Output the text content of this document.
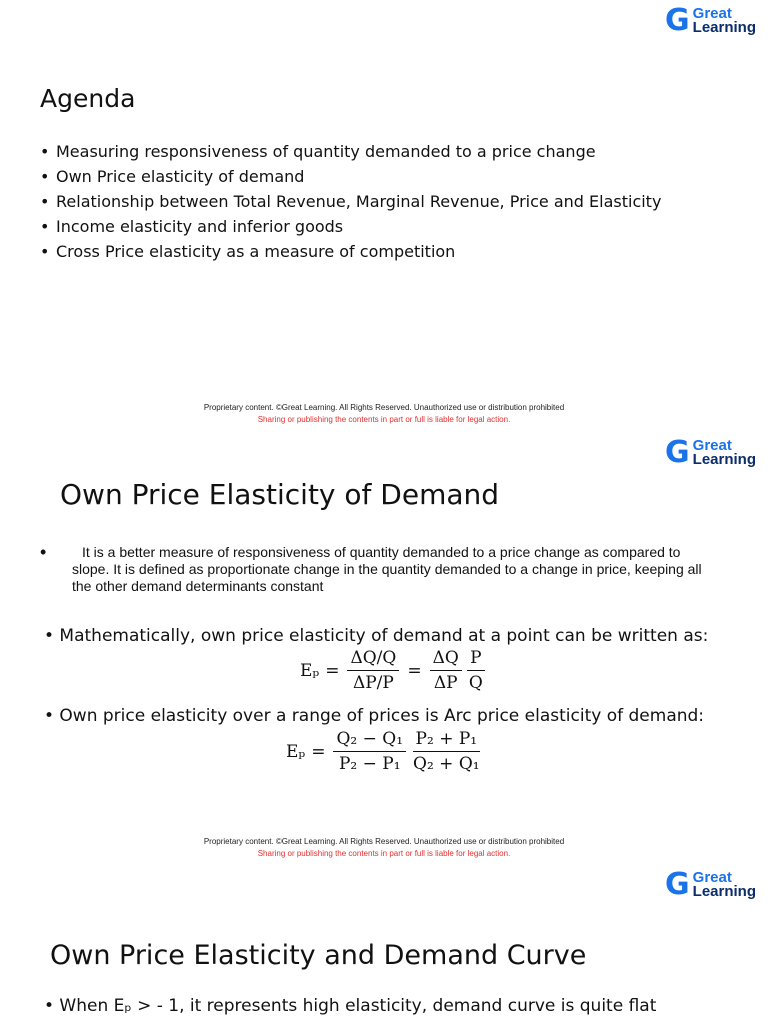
G Great
Learning
Agenda
• Measuring responsiveness of quantity demanded to a price change
• Own Price elasticity of demand
• Relationship between Total Revenue, Marginal Revenue, Price and Elasticity
• Income elasticity and inferior goods
• Cross Price elasticity as a measure of competition
Proprietary content. ©Great Learning. All Rights Reserved. Unauthorized use or distribution prohibited
Sharing or publishing the contents in part or full is liable for legal action.
G Great
Learning
Own Price Elasticity of Demand
•	It is a better measure of responsiveness of quantity demanded to a price change as compared to slope. It is defined as proportionate change in the quantity demanded to a change in price, keeping all the other demand determinants constant
• Mathematically, own price elasticity of demand at a point can be written as:
$E_p = \frac{\Delta Q/Q}{\Delta P/P} = \frac{\Delta Q}{\Delta P} \frac{P}{Q}$
• Own price elasticity over a range of prices is Arc price elasticity of demand:
$E_p = \frac{\text{Q₂ − Q₁}}{\text{P₂ − P₁}} \frac{\text{P₂ + P₁}}{\text{Q₂ + Q₁}}$
Proprietary content. ©Great Learning. All Rights Reserved. Unauthorized use or distribution prohibited
Sharing or publishing the contents in part or full is liable for legal action.
G Great
Learning
Own Price Elasticity and Demand Curve
• When Eₚ > - 1, it represents high elasticity, demand curve is quite flat
